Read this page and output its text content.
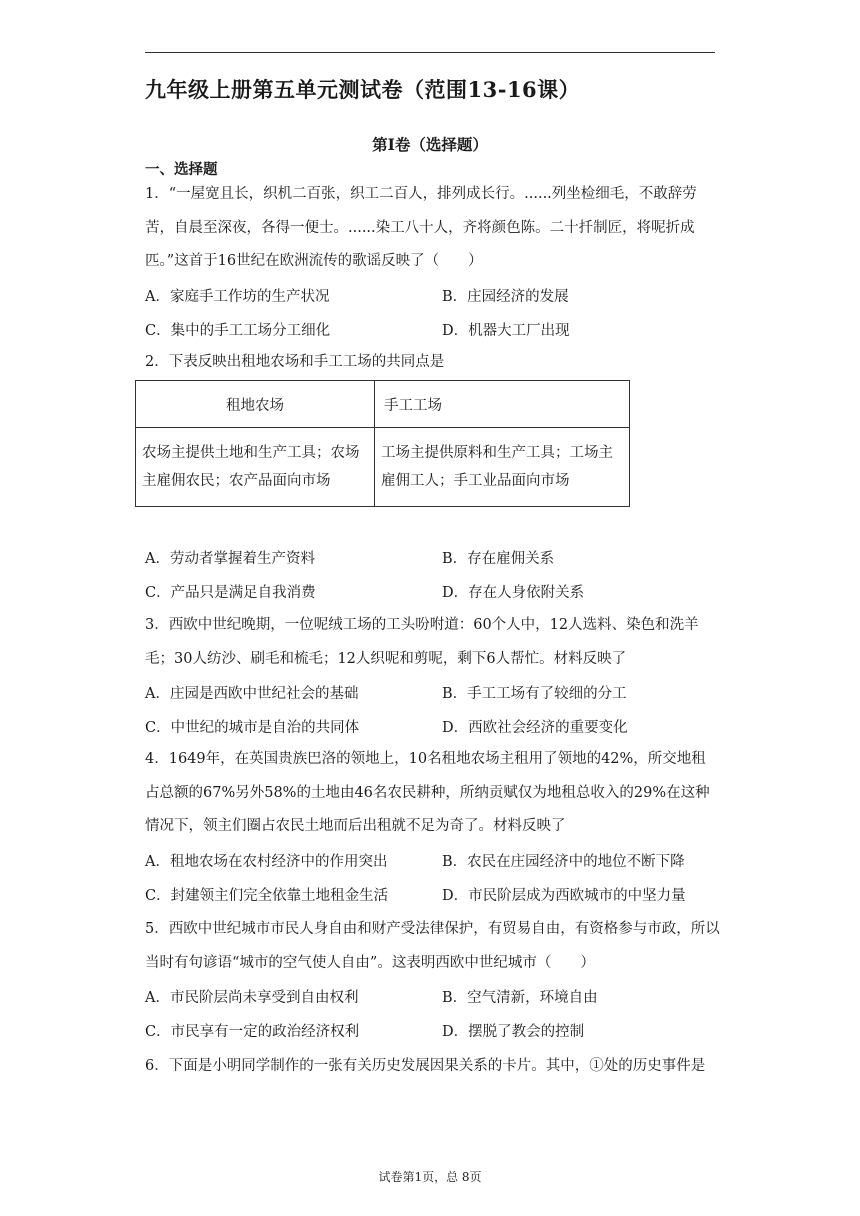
九年级上册第五单元测试卷（范围13-16课）
第Ⅰ卷（选择题）
一、选择题

1．“一屋宽且长，织机二百张，织工二百人，排列成长行。......列坐检细毛，不敢辞劳苦，自晨至深夜，各得一便士。......染工八十人，齐将颜色陈。二十扦制匠，将呢折成匹。”这首于16世纪在欧洲流传的歌谣反映了（　　）

A．家庭手工作坊的生产状况	B．庄园经济的发展
C．集中的手工工场分工细化	D．机器大工厂出现

2．下表反映出租地农场和手工工场的共同点是

租地农场	手工工场
农场主提供土地和生产工具；农场主雇佣农民；农产品面向市场	工场主提供原料和生产工具；工场主雇佣工人；手工业品面向市场
A．劳动者掌握着生产资料	B．存在雇佣关系
C．产品只是满足自我消费	D．存在人身依附关系

3．西欧中世纪晚期，一位呢绒工场的工头吩咐道：60个人中，12人选料、染色和洗羊毛；30人纺沙、刷毛和梳毛；12人织呢和剪呢，剩下6人帮忙。材料反映了

A．庄园是西欧中世纪社会的基础	B．手工工场有了较细的分工
C．中世纪的城市是自治的共同体	D．西欧社会经济的重要变化

4．1649年，在英国贵族巴洛的领地上，10名租地农场主租用了领地的42%，所交地租占总额的67%另外58%的土地由46名农民耕种，所纳贡赋仅为地租总收入的29%在这种情况下，领主们圈占农民土地而后出租就不足为奇了。材料反映了

A．租地农场在农村经济中的作用突出	B．农民在庄园经济中的地位不断下降
C．封建领主们完全依靠土地租金生活	D．市民阶层成为西欧城市的中坚力量

5．西欧中世纪城市市民人身自由和财产受法律保护，有贸易自由，有资格参与市政，所以当时有句谚语“城市的空气使人自由”。这表明西欧中世纪城市（　　）

A．市民阶层尚未享受到自由权利	B．空气清新，环境自由
C．市民享有一定的政治经济权利	D．摆脱了教会的控制

6．下面是小明同学制作的一张有关历史发展因果关系的卡片。其中，①处的历史事件是

试卷第1页，总 8页
